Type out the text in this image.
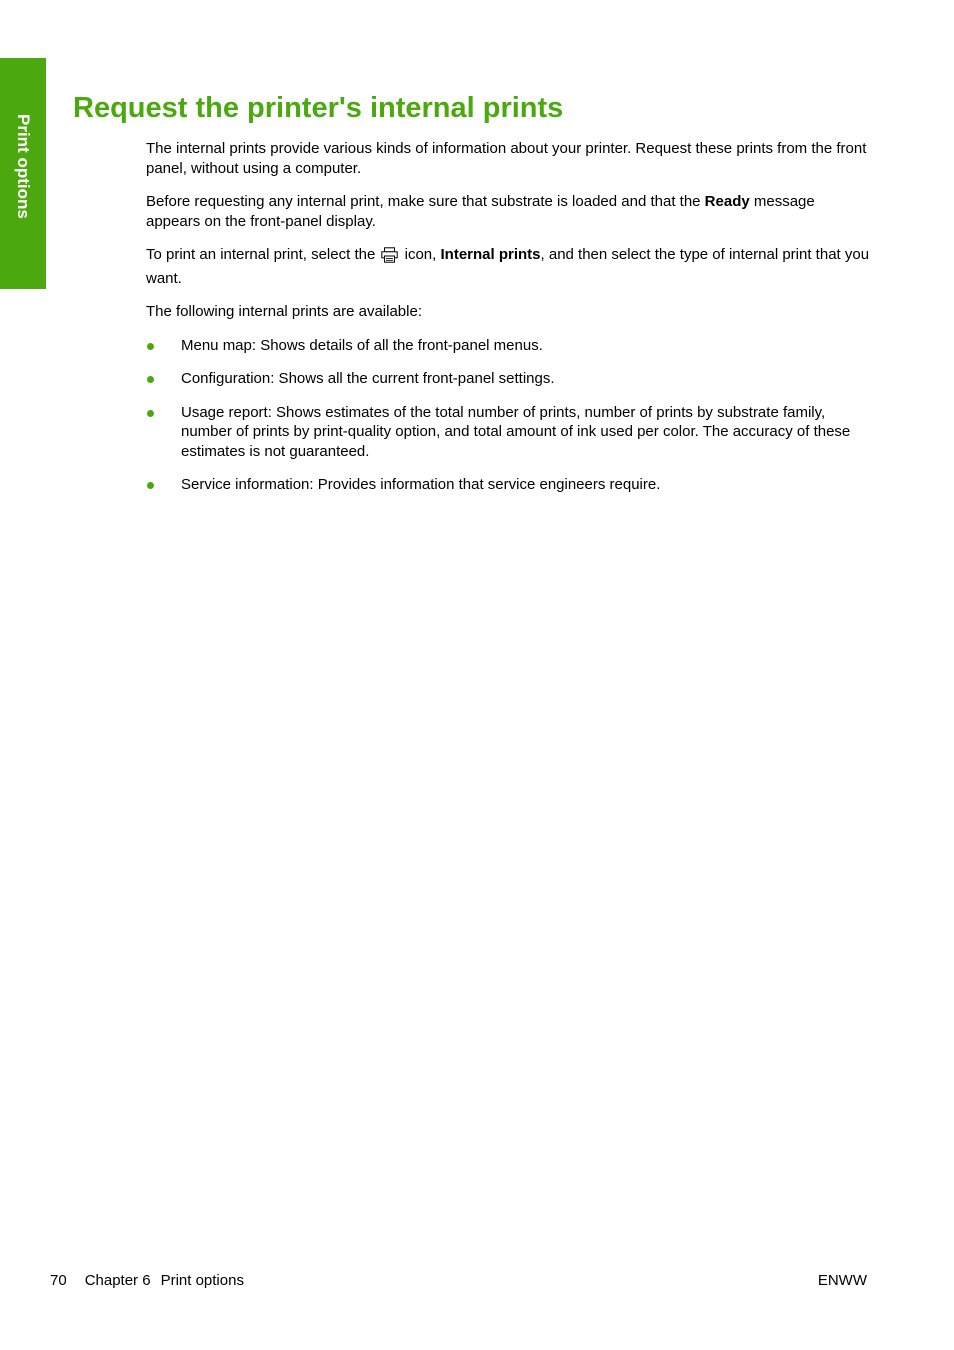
Print options
Request the printer's internal prints

The internal prints provide various kinds of information about your printer. Request these prints from the front panel, without using a computer.

Before requesting any internal print, make sure that substrate is loaded and that the Ready message appears on the front-panel display.

To print an internal print, select the  icon, Internal prints, and then select the type of internal print that you want.

The following internal prints are available:

Menu map: Shows details of all the front-panel menus.
Configuration: Shows all the current front-panel settings.
Usage report: Shows estimates of the total number of prints, number of prints by substrate family, number of prints by print-quality option, and total amount of ink used per color. The accuracy of these estimates is not guaranteed.
Service information: Provides information that service engineers require.
70 Chapter 6 Print options	ENWW
